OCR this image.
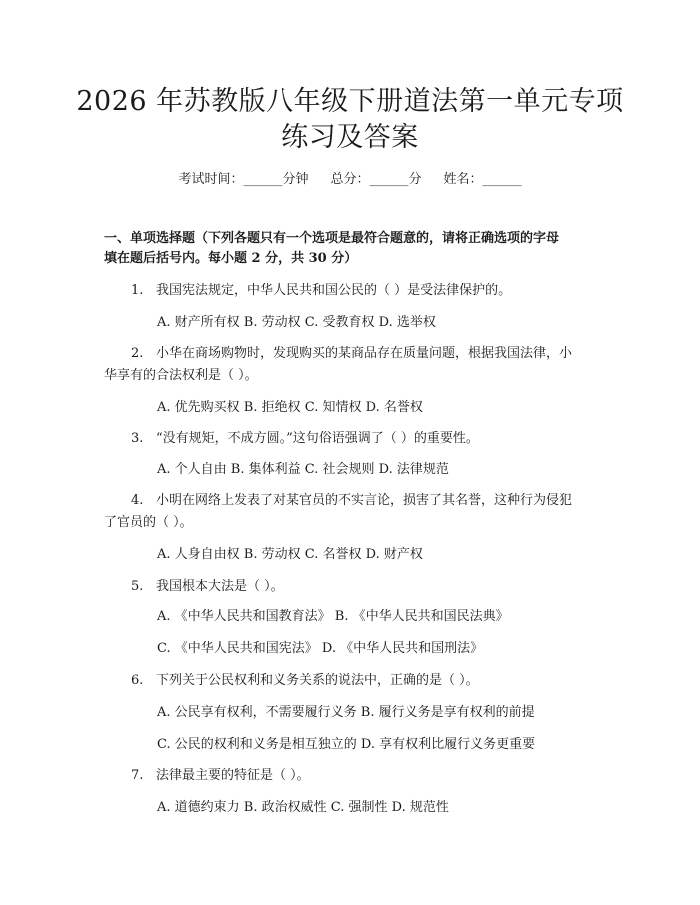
2026 年苏教版八年级下册道法第一单元专项
练习及答案
考试时间：______分钟 总分：______分 姓名：______
一、单项选择题（下列各题只有一个选项是最符合题意的，请将正确选项的字母
填在题后括号内。每小题 2 分，共 30 分）
1. 我国宪法规定，中华人民共和国公民的（ ）是受法律保护的。
A. 财产所有权 B. 劳动权 C. 受教育权 D. 选举权
2. 小华在商场购物时，发现购买的某商品存在质量问题，根据我国法律，小
华享有的合法权利是（ ）。
A. 优先购买权 B. 拒绝权 C. 知情权 D. 名誉权
3. “没有规矩，不成方圆。”这句俗语强调了（ ）的重要性。
A. 个人自由 B. 集体利益 C. 社会规则 D. 法律规范
4. 小明在网络上发表了对某官员的不实言论，损害了其名誉，这种行为侵犯
了官员的（ ）。
A. 人身自由权 B. 劳动权 C. 名誉权 D. 财产权
5. 我国根本大法是（ ）。
A. 《中华人民共和国教育法》 B. 《中华人民共和国民法典》
C. 《中华人民共和国宪法》 D. 《中华人民共和国刑法》
6. 下列关于公民权利和义务关系的说法中，正确的是（ ）。
A. 公民享有权利，不需要履行义务 B. 履行义务是享有权利的前提
C. 公民的权利和义务是相互独立的 D. 享有权利比履行义务更重要
7. 法律最主要的特征是（ ）。
A. 道德约束力 B. 政治权威性 C. 强制性 D. 规范性
